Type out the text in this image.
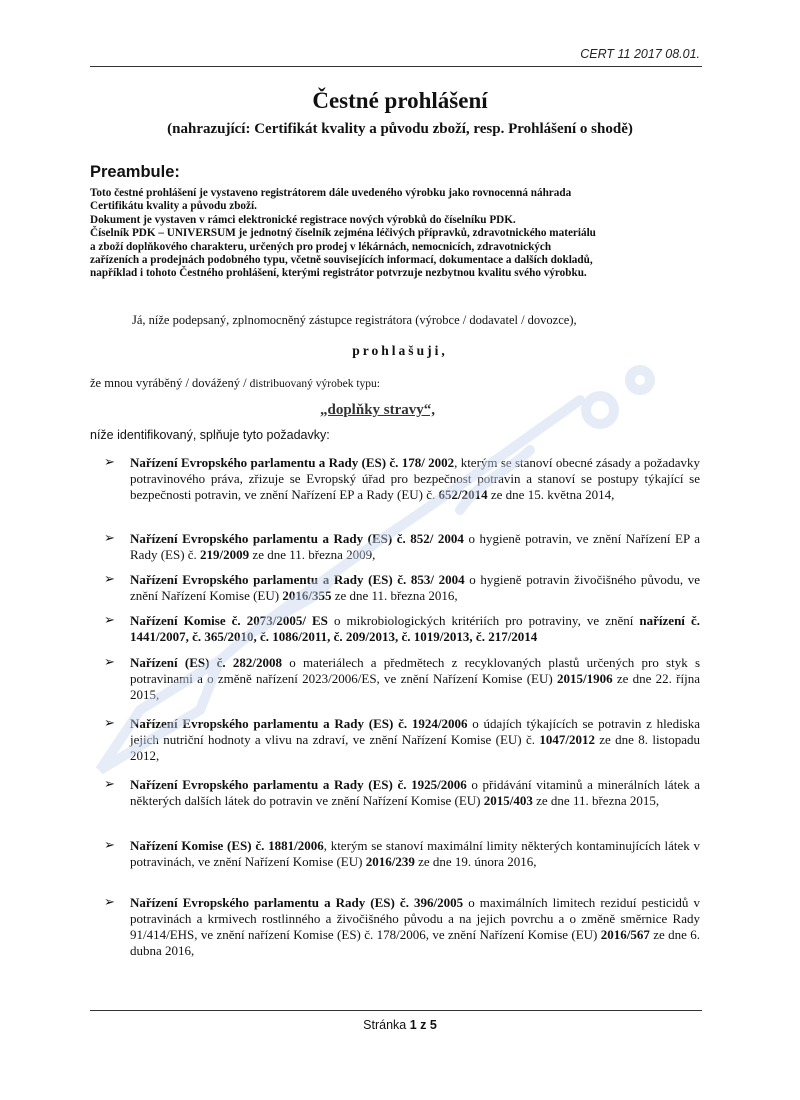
CERT 11 2017 08.01.
Čestné prohlášení
(nahrazující: Certifikát kvality a původu zboží, resp. Prohlášení o shodě)
Preambule:
Toto čestné prohlášení je vystaveno registrátorem dále uvedeného výrobku jako rovnocenná náhrada
Certifikátu kvality a původu zboží.
Dokument je vystaven v rámci elektronické registrace nových výrobků do číselníku PDK.
Číselník PDK – UNIVERSUM je jednotný číselník zejména léčivých přípravků, zdravotnického materiálu
a zboží doplňkového charakteru, určených pro prodej v lékárnách, nemocnicích, zdravotnických
zařízeních a prodejnách podobného typu, včetně souvisejících informací, dokumentace a dalších dokladů,
například i tohoto Čestného prohlášení, kterými registrátor potvrzuje nezbytnou kvalitu svého výrobku.
Já, níže podepsaný, zplnomocněný zástupce registrátora (výrobce / dodavatel / dovozce),
prohlašuji,
že mnou vyráběný / dovážený / distribuovaný výrobek typu:
„doplňky stravy“,
níže identifikovaný, splňuje tyto požadavky:
➢ Nařízení Evropského parlamentu a Rady (ES) č. 178/ 2002, kterým se stanoví obecné zásady a požadavky potravinového práva, zřizuje se Evropský úřad pro bezpečnost potravin a stanoví se postupy týkající se bezpečnosti potravin, ve znění Nařízení EP a Rady (EU) č. 652/2014 ze dne 15. května 2014,
➢ Nařízení Evropského parlamentu a Rady (ES) č. 852/ 2004 o hygieně potravin, ve znění Nařízení EP a Rady (ES) č. 219/2009 ze dne 11. března 2009,
➢ Nařízení Evropského parlamentu a Rady (ES) č. 853/ 2004 o hygieně potravin živočišného původu, ve znění Nařízení Komise (EU) 2016/355 ze dne 11. března 2016,
➢ Nařízení Komise č. 2073/2005/ ES o mikrobiologických kritériích pro potraviny, ve znění nařízení č. 1441/2007, č. 365/2010, č. 1086/2011, č. 209/2013, č. 1019/2013, č. 217/2014
➢ Nařízení (ES) č. 282/2008 o materiálech a předmětech z recyklovaných plastů určených pro styk s potravinami a o změně nařízení 2023/2006/ES, ve znění Nařízení Komise (EU) 2015/1906 ze dne 22. října 2015,
➢ Nařízení Evropského parlamentu a Rady (ES) č. 1924/2006 o údajích týkajících se potravin z hlediska jejich nutriční hodnoty a vlivu na zdraví, ve znění Nařízení Komise (EU) č. 1047/2012 ze dne 8. listopadu 2012,
➢ Nařízení Evropského parlamentu a Rady (ES) č. 1925/2006 o přidávání vitaminů a minerálních látek a některých dalších látek do potravin ve znění Nařízení Komise (EU) 2015/403 ze dne 11. března 2015,
➢ Nařízení Komise (ES) č. 1881/2006, kterým se stanoví maximální limity některých kontaminujících látek v potravinách, ve znění Nařízení Komise (EU) 2016/239 ze dne 19. února 2016,
➢ Nařízení Evropského parlamentu a Rady (ES) č. 396/2005 o maximálních limitech reziduí pesticidů v potravinách a krmivech rostlinného a živočišného původu a na jejich povrchu a o změně směrnice Rady 91/414/EHS, ve znění nařízení Komise (ES) č. 178/2006, ve znění Nařízení Komise (EU) 2016/567 ze dne 6. dubna 2016,
Stránka 1 z 5
